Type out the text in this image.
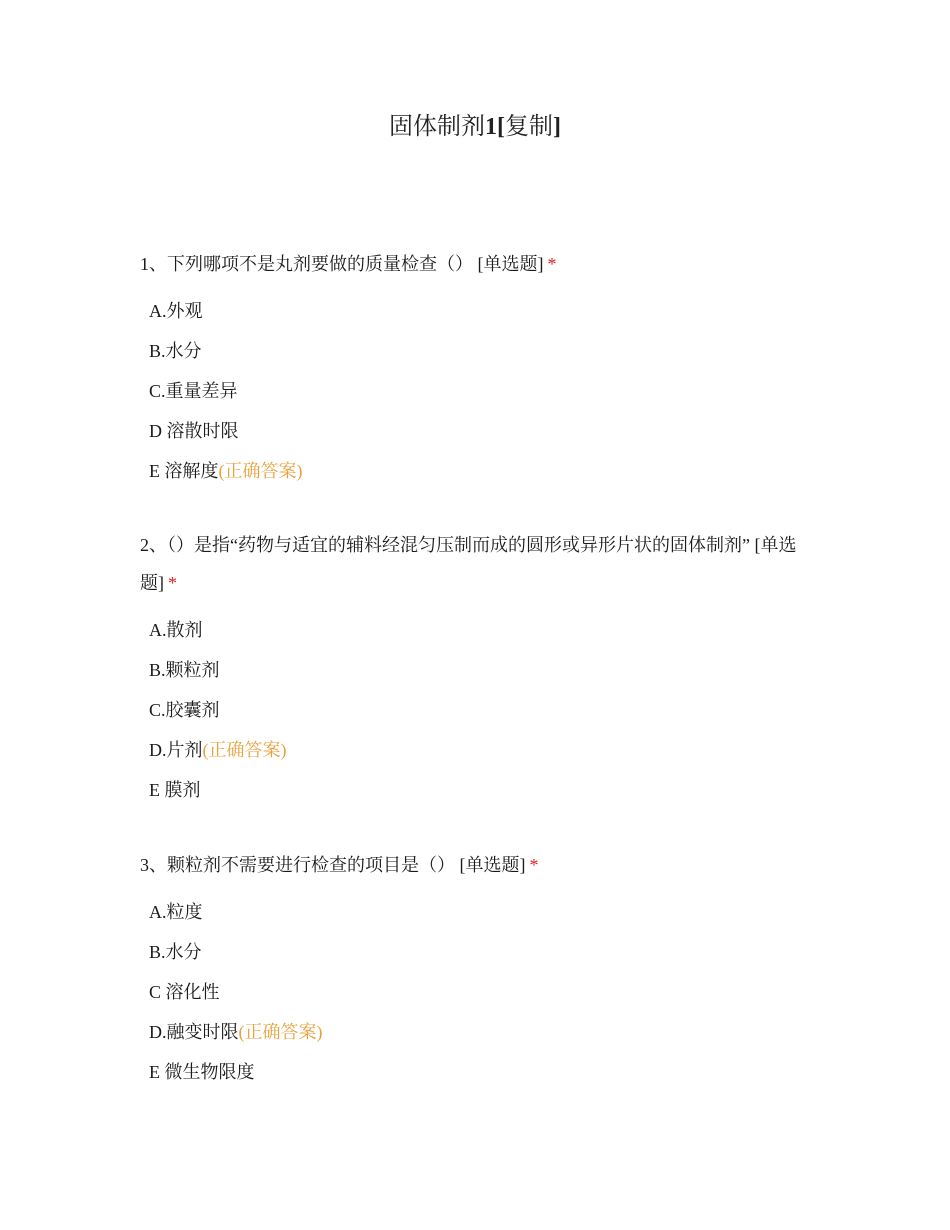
固体制剂1[复制]

1、下列哪项不是丸剂要做的质量检查（） [单选题] *

A.外观
B.水分
C.重量差异
D 溶散时限
E 溶解度(正确答案)

2、（）是指“药物与适宜的辅料经混匀压制而成的圆形或异形片状的固体制剂” [单选题] *

A.散剂
B.颗粒剂
C.胶囊剂
D.片剂(正确答案)
E 膜剂

3、颗粒剂不需要进行检查的项目是（） [单选题] *

A.粒度
B.水分
C 溶化性
D.融变时限(正确答案)
E 微生物限度
